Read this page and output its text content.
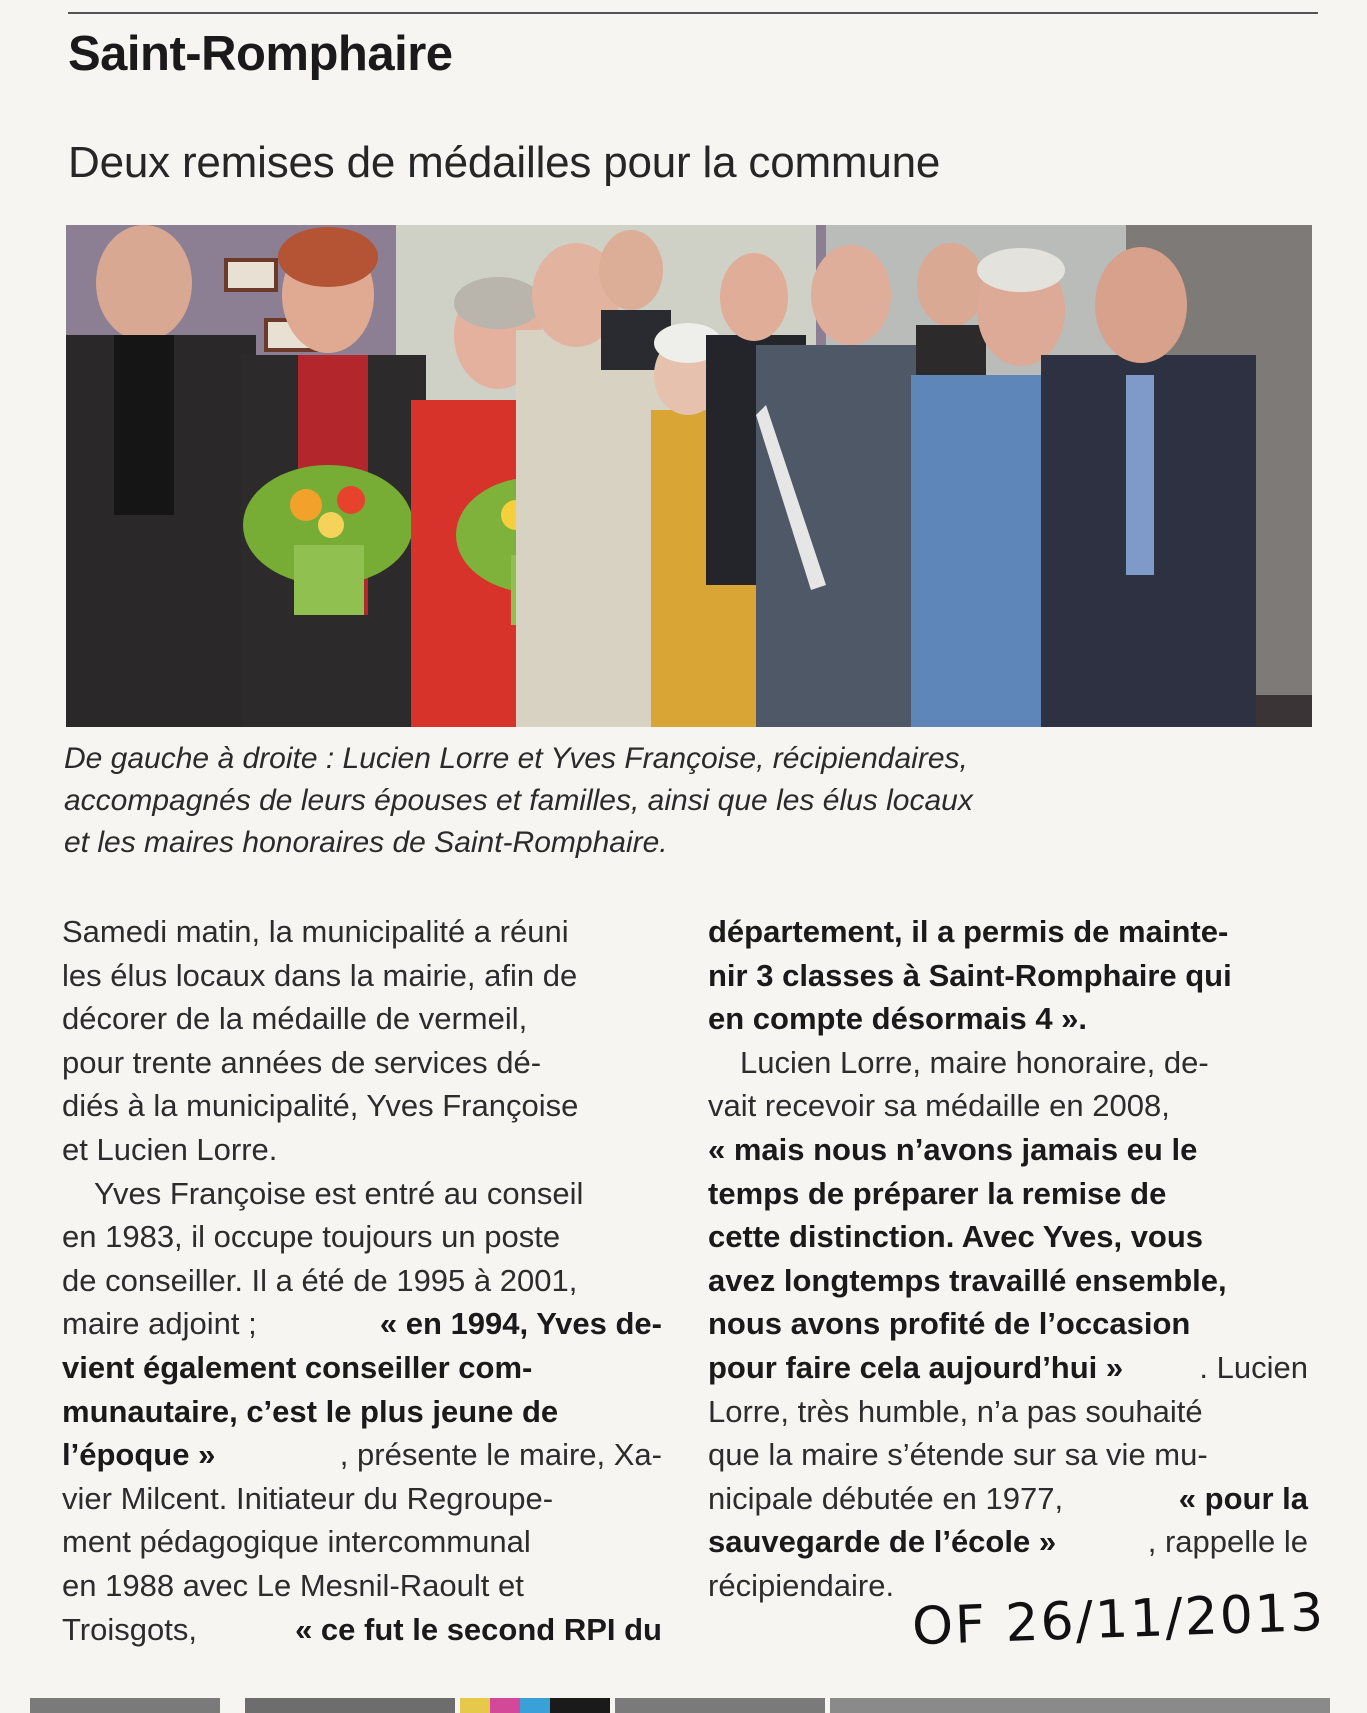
Saint-Romphaire
Deux remises de médailles pour la commune
De gauche à droite : Lucien Lorre et Yves Françoise, récipiendaires,
accompagnés de leurs épouses et familles, ainsi que les élus locaux
et les maires honoraires de Saint-Romphaire.
Samedi matin, la municipalité a réuni
les élus locaux dans la mairie, afin de
décorer de la médaille de vermeil,
pour trente années de services dé-
diés à la municipalité, Yves Françoise
et Lucien Lorre.
Yves Françoise est entré au conseil
en 1983, il occupe toujours un poste
de conseiller. Il a été de 1995 à 2001,
maire adjoint ;	« en 1994, Yves de-
vient également conseiller com-
munautaire, c’est le plus jeune de
l’époque »	, présente le maire, Xa-
vier Milcent. Initiateur du Regroupe-
ment pédagogique intercommunal
en 1988 avec Le Mesnil-Raoult et
Troisgots,	« ce fut le second RPI du
département, il a permis de mainte-
nir 3 classes à Saint-Romphaire qui
en compte désormais 4 ».
Lucien Lorre, maire honoraire, de-
vait recevoir sa médaille en 2008,
« mais nous n’avons jamais eu le
temps de préparer la remise de
cette distinction. Avec Yves, vous
avez longtemps travaillé ensemble,
nous avons profité de l’occasion
pour faire cela aujourd’hui » . Lucien
Lorre, très humble, n’a pas souhaité
que la maire s’étende sur sa vie mu-
nicipale débutée en 1977,	« pour la
sauvegarde de l’école »	, rappelle le
récipiendaire. OF 26/11/2013
